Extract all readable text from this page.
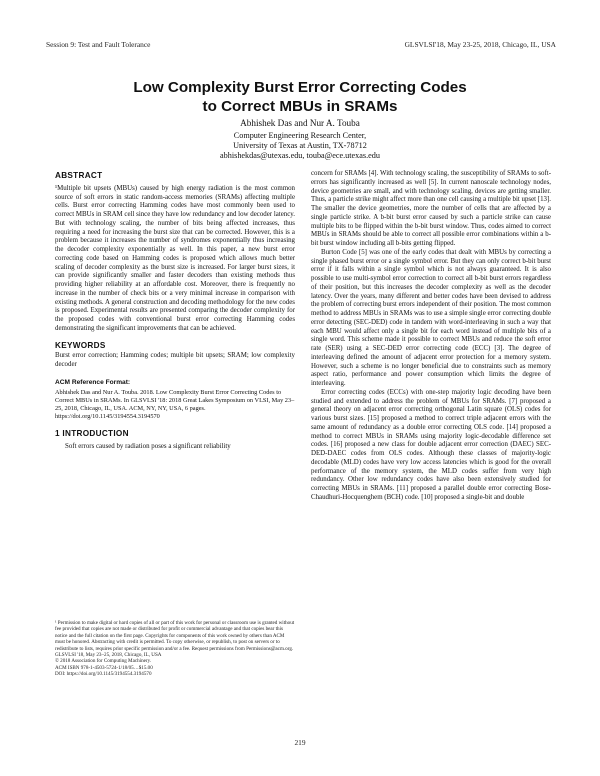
Session 9: Test and Fault Tolerance	GLSVLSI'18, May 23-25, 2018, Chicago, IL, USA
Low Complexity Burst Error Correcting Codes
to Correct MBUs in SRAMs
Abhishek Das and Nur A. Touba
Computer Engineering Research Center,
University of Texas at Austin, TX-78712
abhishekdas@utexas.edu, touba@ece.utexas.edu

ABSTRACT

¹Multiple bit upsets (MBUs) caused by high energy radiation is the most common source of soft errors in static random-access memories (SRAMs) affecting multiple cells. Burst error correcting Hamming codes have most commonly been used to correct MBUs in SRAM cell since they have low redundancy and low decoder latency. But with technology scaling, the number of bits being affected increases, thus requiring a need for increasing the burst size that can be corrected. However, this is a problem because it increases the number of syndromes exponentially thus increasing the decoder complexity exponentially as well. In this paper, a new burst error correcting code based on Hamming codes is proposed which allows much better scaling of decoder complexity as the burst size is increased. For larger burst sizes, it can provide significantly smaller and faster decoders than existing methods thus providing higher reliability at an affordable cost. Moreover, there is frequently no increase in the number of check bits or a very minimal increase in comparison with existing methods. A general construction and decoding methodology for the new codes is proposed. Experimental results are presented comparing the decoder complexity for the proposed codes with conventional burst error correcting Hamming codes demonstrating the significant improvements that can be achieved.

KEYWORDS

Burst error correction; Hamming codes; multiple bit upsets; SRAM; low complexity decoder

ACM Reference Format:

Abhishek Das and Nur A. Touba. 2018. Low Complexity Burst Error Correcting Codes to Correct MBUs in SRAMs. In GLSVLSI '18: 2018 Great Lakes Symposium on VLSI, May 23–25, 2018, Chicago, IL, USA. ACM, NY, NY, USA, 6 pages. https://doi.org/10.1145/3194554.3194570

1 INTRODUCTION

Soft errors caused by radiation poses a significant reliability

¹ Permission to make digital or hard copies of all or part of this work for personal or classroom use is granted without fee provided that copies are not made or distributed for profit or commercial advantage and that copies bear this notice and the full citation on the first page. Copyrights for components of this work owned by others than ACM must be honored. Abstracting with credit is permitted. To copy otherwise, or republish, to post on servers or to redistribute to lists, requires prior specific permission and/or a fee. Request permissions from Permissions@acm.org.
GLSVLSI '18, May 23–25, 2018, Chicago, IL, USA
© 2018 Association for Computing Machinery.
ACM ISBN 978-1-4503-5724-1/18/05…$15.00
DOI: https://doi.org/10.1145/3194554.3194570

concern for SRAMs [4]. With technology scaling, the susceptibility of SRAMs to soft-errors has significantly increased as well [5]. In current nanoscale technology nodes, device geometries are small, and with technology scaling, devices are getting smaller. Thus, a particle strike might affect more than one cell causing a multiple bit upset [13]. The smaller the device geometries, more the number of cells that are affected by a single particle strike. A b-bit burst error caused by such a particle strike can cause multiple bits to be flipped within the b-bit burst window. Thus, codes aimed to correct MBUs in SRAMs should be able to correct all possible error combinations within a b-bit burst window including all b-bits getting flipped.

Burton Code [5] was one of the early codes that dealt with MBUs by correcting a single phased burst error or a single symbol error. But they can only correct b-bit burst error if it falls within a single symbol which is not always guaranteed. It is also possible to use multi-symbol error correction to correct all b-bit burst errors regardless of their position, but this increases the decoder complexity as well as the decoder latency. Over the years, many different and better codes have been devised to address the problem of correcting burst errors independent of their position. The most common method to address MBUs in SRAMs was to use a simple single error correcting double error detecting (SEC-DED) code in tandem with word-interleaving in such a way that each MBU would affect only a single bit for each word instead of multiple bits of a single word. This scheme made it possible to correct MBUs and reduce the soft error rate (SER) using a SEC-DED error correcting code (ECC) [3]. The degree of interleaving defined the amount of adjacent error protection for a memory system. However, such a scheme is no longer beneficial due to constraints such as memory aspect ratio, performance and power consumption which limits the degree of interleaving.

Error correcting codes (ECCs) with one-step majority logic decoding have been studied and extended to address the problem of MBUs for SRAMs. [7] proposed a general theory on adjacent error correcting orthogonal Latin square (OLS) codes for various burst sizes. [15] proposed a method to correct triple adjacent errors with the same amount of redundancy as a double error correcting OLS code. [14] proposed a method to correct MBUs in SRAMs using majority logic-decodable difference set codes. [16] proposed a new class for double adjacent error correction (DAEC) SEC-DED-DAEC codes from OLS codes. Although these classes of majority-logic decodable (MLD) codes have very low access latencies which is good for the overall performance of the memory system, the MLD codes suffer from very high redundancy. Other low redundancy codes have also been extensively studied for correcting MBUs in SRAMs. [11] proposed a parallel double error correcting Bose-Chaudhuri-Hocquenghem (BCH) code. [10] proposed a single-bit and double

219
